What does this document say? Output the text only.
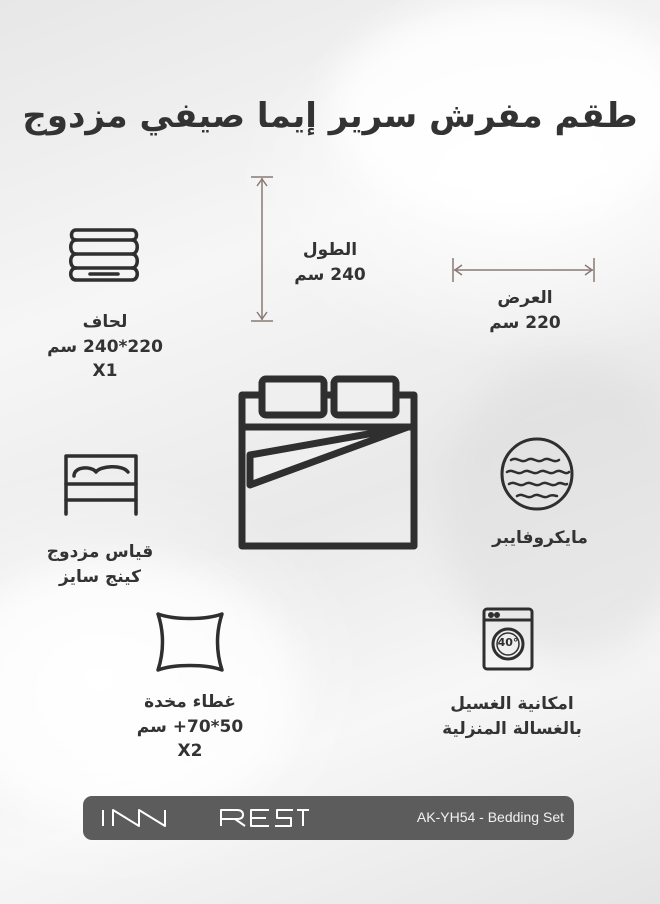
طقم مفرش سرير إيما صيفي مزدوج
الطول
240 سم
العرض
220 سم
لحاف
220*240 سم
X1
قياس مزدوج
كينج سايز
مايكروفايبر
غطاء مخدة
50*70+ سم
X2
40°
امكانية الغسيل
بالغسالة المنزلية
AK-YH54 - Bedding Set
